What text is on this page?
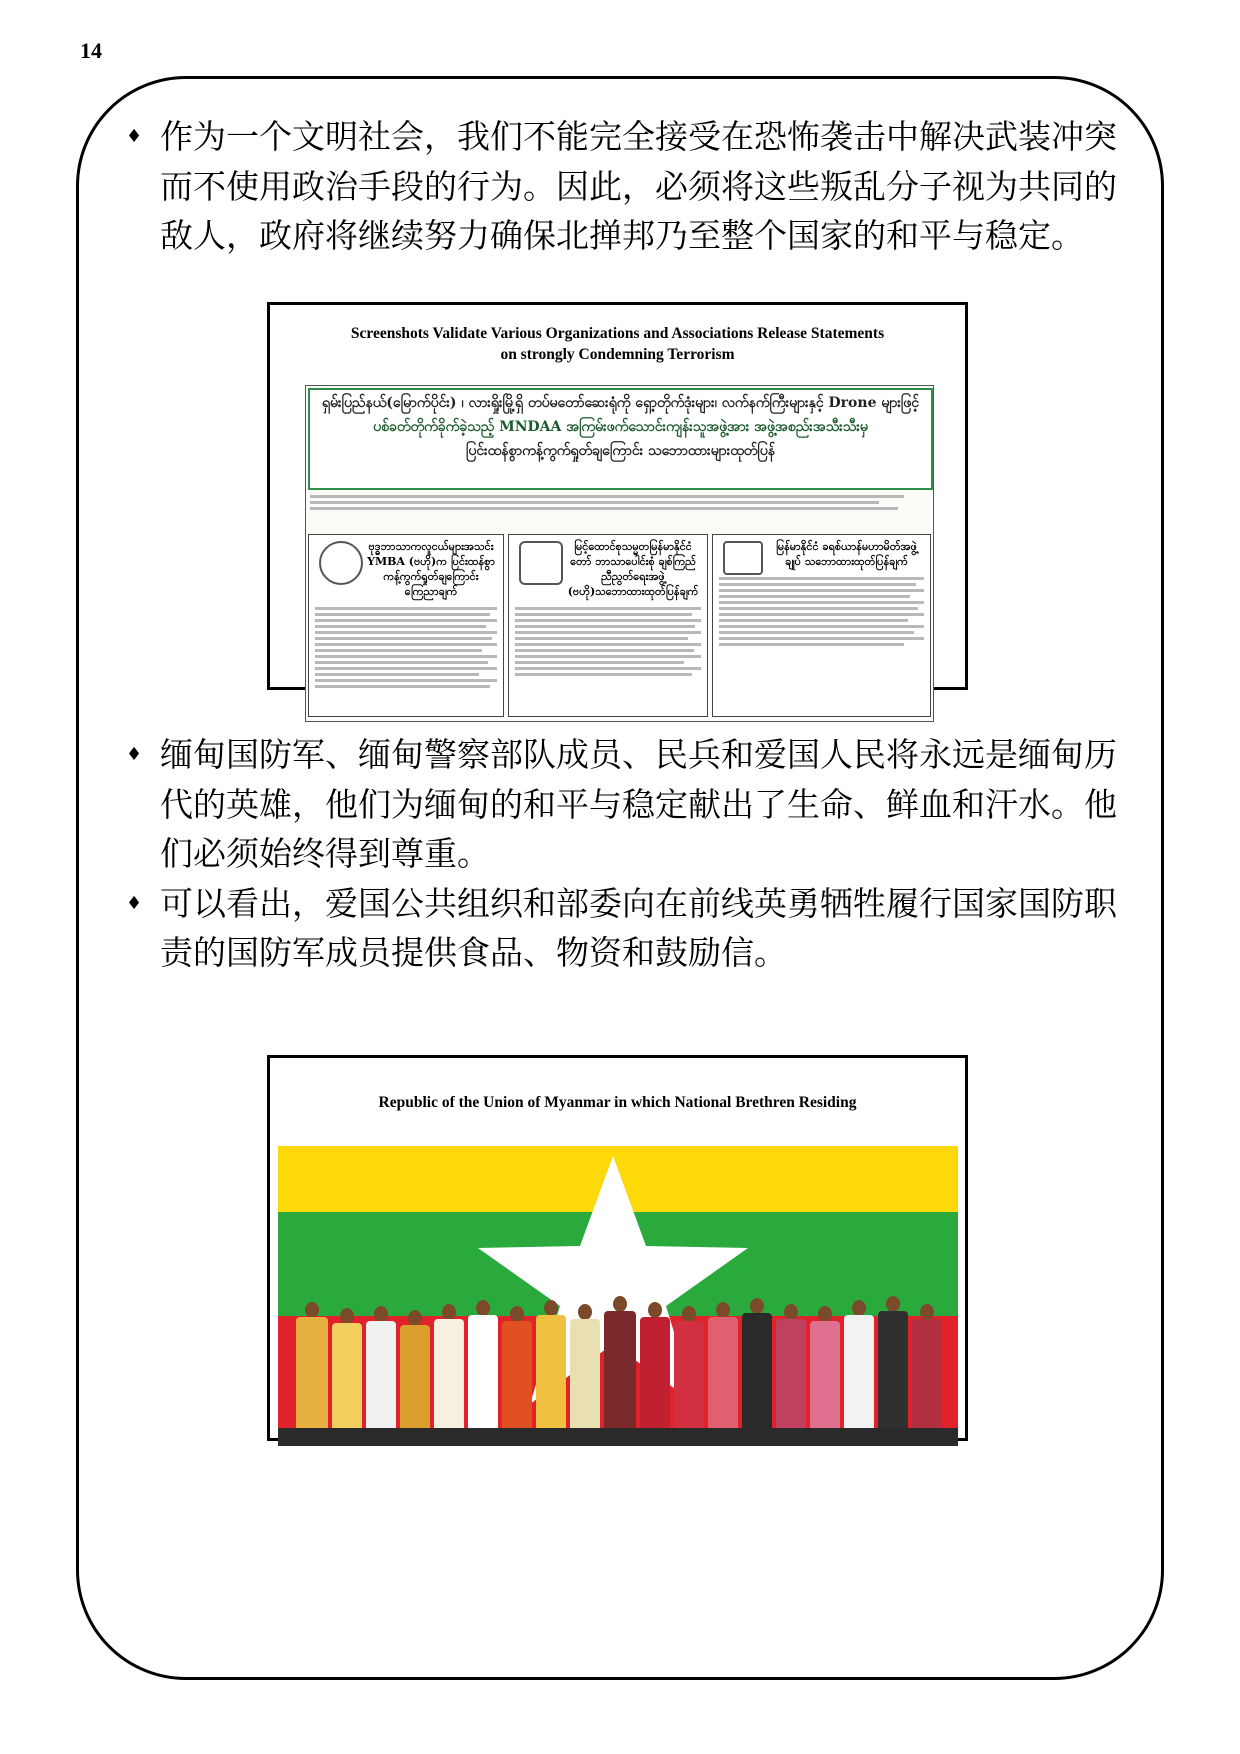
14

♦ 作为一个文明社会，我们不能完全接受在恐怖袭击中解决武装冲突而不使用政治手段的行为。因此，必须将这些叛乱分子视为共同的敌人，政府将继续努力确保北掸邦乃至整个国家的和平与稳定。

Screenshots Validate Various Organizations and Associations Release Statements

on strongly Condemning Terrorism

ရှမ်းပြည်နယ်(မြောက်ပိုင်း) ၊ လားရှိုးမြို့ရှိ တပ်မတော်ဆေးရုံကို ရှော့တိုက်ဒုံးများ၊ လက်နက်ကြီးများနှင့် Drone များဖြင့်
ပစ်ခတ်တိုက်ခိုက်ခဲ့သည့် MNDAA အကြမ်းဖက်သောင်းကျန်းသူအဖွဲ့အား အဖွဲ့အစည်းအသီးသီးမှ
ပြင်းထန်စွာကန့်ကွက်ရှုတ်ချကြောင်း သဘောထားများထုတ်ပြန်
ဗုဒ္ဓဘာသာကလူငယ်များအသင်း YMBA (ဗဟို)က ပြင်းထန်စွာ ကန့်ကွက်ရှုတ်ချကြောင်းကြေညာချက်
မြင့်ထောင်စုသမ္မတမြန်မာနိုင်ငံတော် ဘာသာပေါင်းစုံ ချစ်ကြည်ညီညွတ်ရေးအဖွဲ့ (ဗဟို)သဘောထားထုတ်ပြန်ချက်
မြန်မာနိုင်ငံ ခရစ်ယာန်မဟာမိတ်အဖွဲ့ချုပ် သဘောထားထုတ်ပြန်ချက်

♦ 缅甸国防军、缅甸警察部队成员、民兵和爱国人民将永远是缅甸历代的英雄，他们为缅甸的和平与稳定献出了生命、鲜血和汗水。他们必须始终得到尊重。

♦ 可以看出，爱国公共组织和部委向在前线英勇牺牲履行国家国防职责的国防军成员提供食品、物资和鼓励信。

Republic of the Union of Myanmar in which National Brethren Residing
